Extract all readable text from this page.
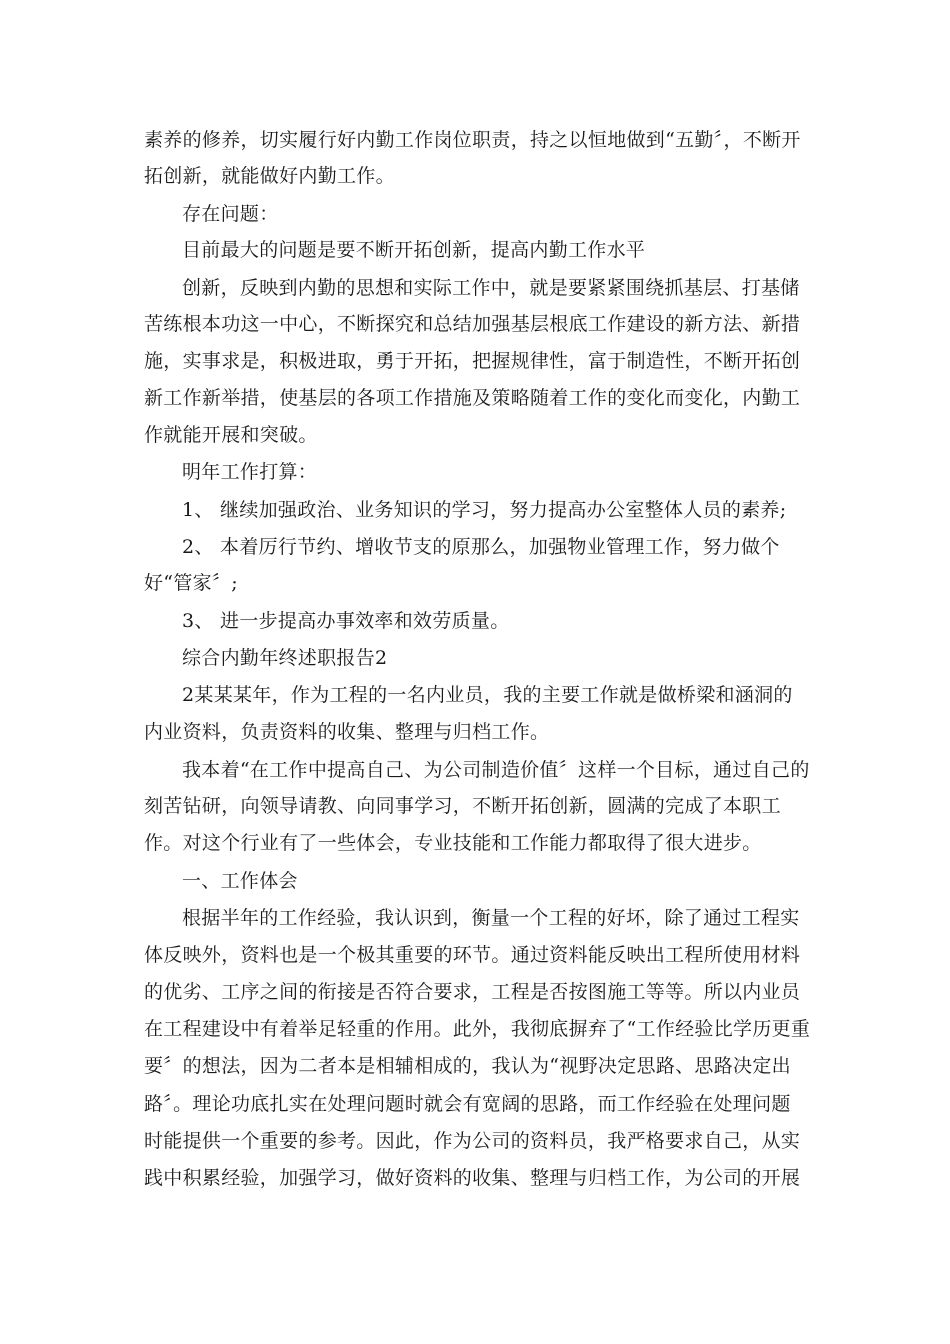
素养的修养，切实履行好内勤工作岗位职责，持之以恒地做到“五勤〞，不断开
拓创新，就能做好内勤工作。
存在问题：
目前最大的问题是要不断开拓创新，提高内勤工作水平
创新，反映到内勤的思想和实际工作中，就是要紧紧围绕抓基层、打基储
苦练根本功这一中心，不断探究和总结加强基层根底工作建设的新方法、新措
施，实事求是，积极进取，勇于开拓，把握规律性，富于制造性，不断开拓创
新工作新举措，使基层的各项工作措施及策略随着工作的变化而变化，内勤工
作就能开展和突破。
明年工作打算：
1、 继续加强政治、业务知识的学习，努力提高办公室整体人员的素养;
2、 本着厉行节约、增收节支的原那么，加强物业管理工作，努力做个
好“管家〞;
3、 进一步提高办事效率和效劳质量。
综合内勤年终述职报告2
2某某某年，作为工程的一名内业员，我的主要工作就是做桥梁和涵洞的
内业资料，负责资料的收集、整理与归档工作。
我本着“在工作中提高自己、为公司制造价值〞这样一个目标，通过自己的
刻苦钻研，向领导请教、向同事学习，不断开拓创新，圆满的完成了本职工
作。对这个行业有了一些体会，专业技能和工作能力都取得了很大进步。
一、工作体会
根据半年的工作经验，我认识到，衡量一个工程的好坏，除了通过工程实
体反映外，资料也是一个极其重要的环节。通过资料能反映出工程所使用材料
的优劣、工序之间的衔接是否符合要求，工程是否按图施工等等。所以内业员
在工程建设中有着举足轻重的作用。此外，我彻底摒弃了“工作经验比学历更重
要〞的想法，因为二者本是相辅相成的，我认为“视野决定思路、思路决定出
路〞。理论功底扎实在处理问题时就会有宽阔的思路，而工作经验在处理问题
时能提供一个重要的参考。因此，作为公司的资料员，我严格要求自己，从实
践中积累经验，加强学习，做好资料的收集、整理与归档工作，为公司的开展
